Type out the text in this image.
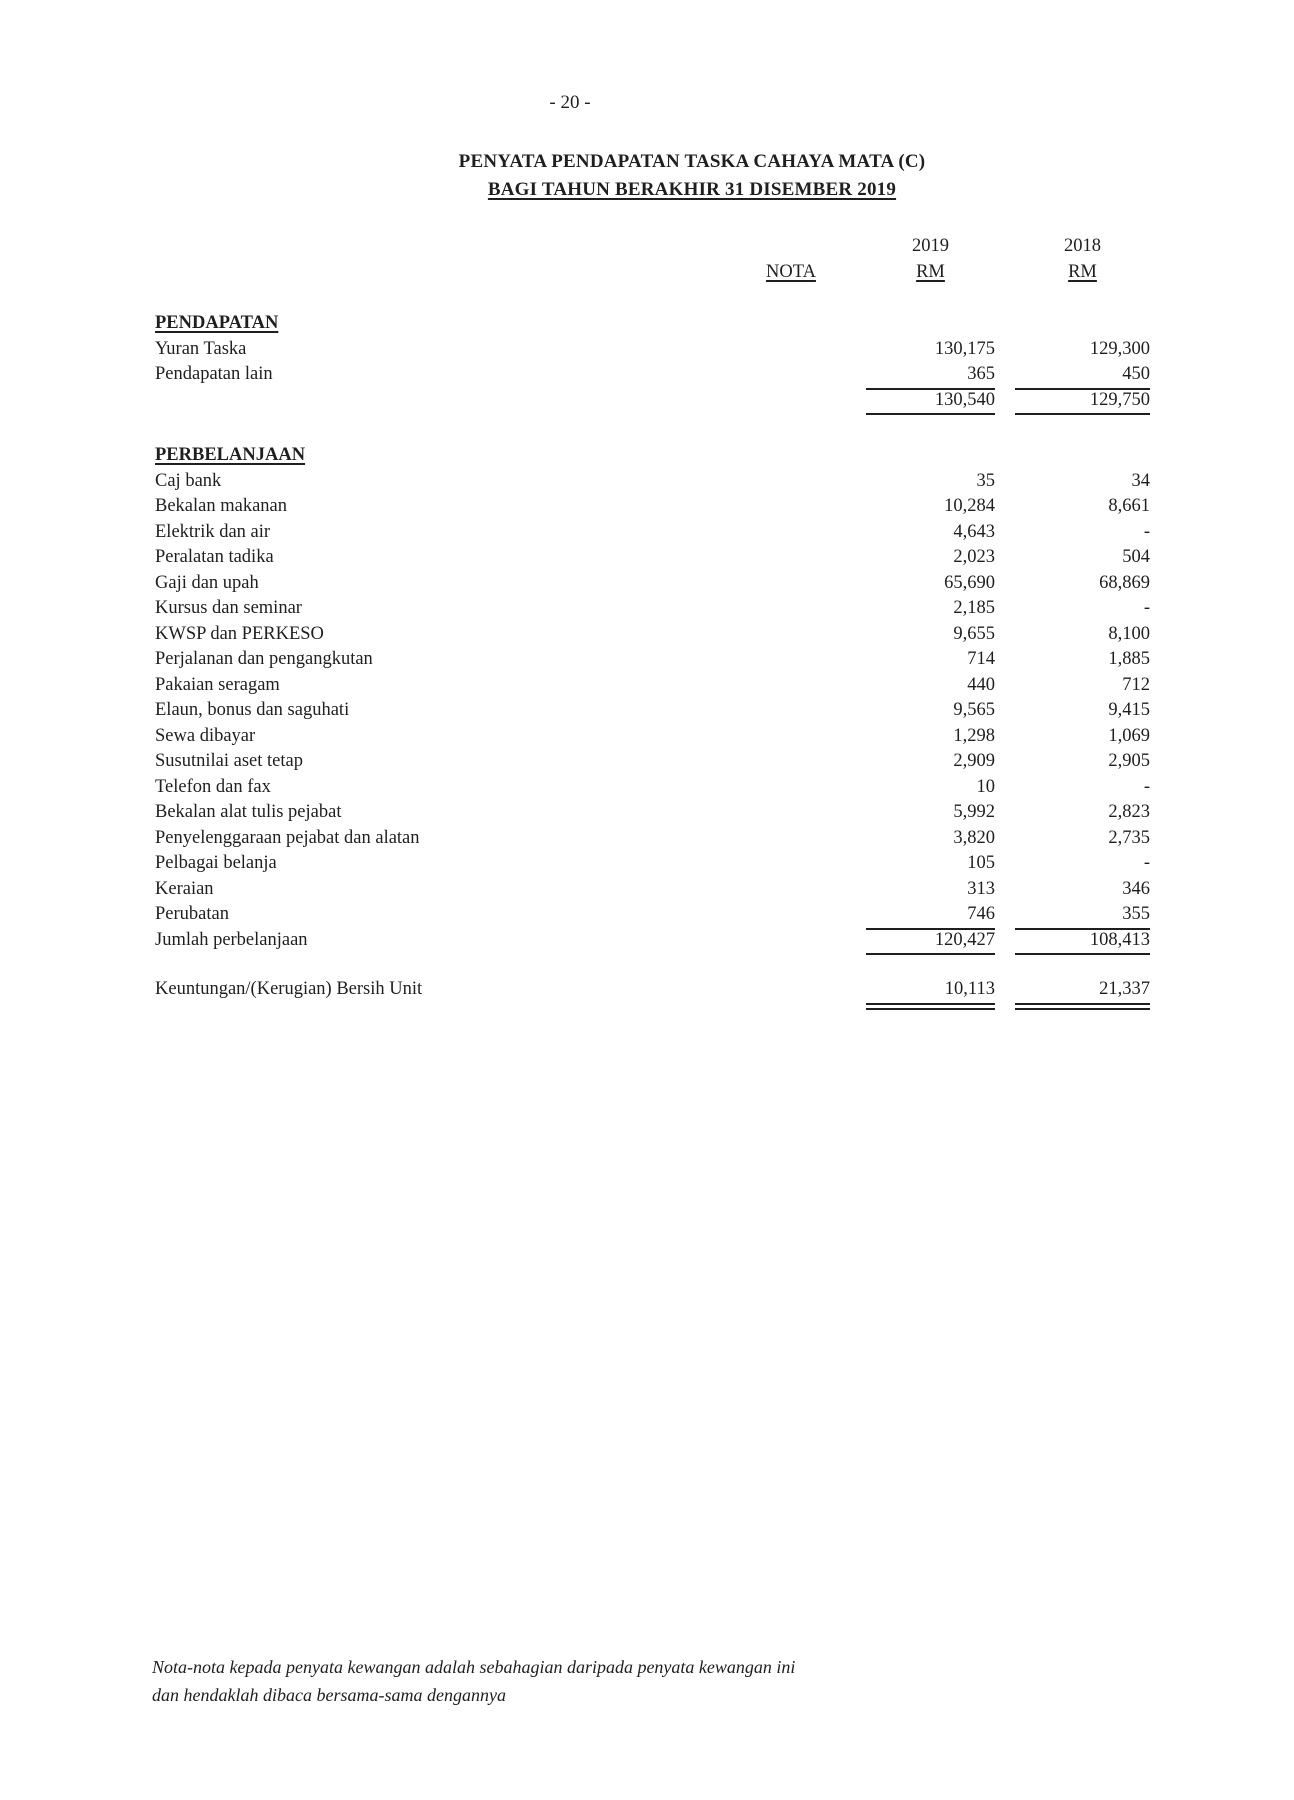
- 20 -
PENYATA PENDAPATAN TASKA CAHAYA MATA (C)
BAGI TAHUN BERAKHIR 31 DISEMBER 2019
2019	2018
NOTA	RM	RM
PENDAPATAN
Yuran Taska	130,175	129,300
Pendapatan lain	365	450
130,540	129,750
PERBELANJAAN
Caj bank	35	34
Bekalan makanan	10,284	8,661
Elektrik dan air	4,643	-
Peralatan tadika	2,023	504
Gaji dan upah	65,690	68,869
Kursus dan seminar	2,185	-
KWSP dan PERKESO	9,655	8,100
Perjalanan dan pengangkutan	714	1,885
Pakaian seragam	440	712
Elaun, bonus dan saguhati	9,565	9,415
Sewa dibayar	1,298	1,069
Susutnilai aset tetap	2,909	2,905
Telefon dan fax	10	-
Bekalan alat tulis pejabat	5,992	2,823
Penyelenggaraan pejabat dan alatan	3,820	2,735
Pelbagai belanja	105	-
Keraian	313	346
Perubatan	746	355
Jumlah perbelanjaan	120,427	108,413
Keuntungan/(Kerugian) Bersih Unit	10,113	21,337
Nota-nota kepada penyata kewangan adalah sebahagian daripada penyata kewangan ini
dan hendaklah dibaca bersama-sama dengannya
